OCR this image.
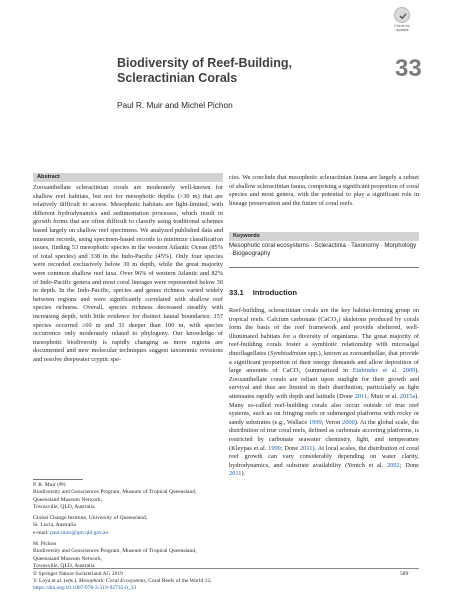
Check for
updates
Biodiversity of Reef-Building,
Scleractinian Corals	33
Paul R. Muir and Michel Pichon
Abstract
Zooxanthellate scleractinian corals are moderately well-known for shallow reef habitats, but not for mesophotic depths (>30 m) that are relatively difficult to access. Mesophotic habitats are light-limited, with different hydrodynamics and sedimentation processes, which result in growth forms that are often difficult to classify using traditional schemes based largely on shallow reef specimens. We analyzed published data and museum records, using specimen-based records to minimize classification issues, finding 53 mesophotic species in the western Atlantic Ocean (85% of total species) and 338 in the Indo-Pacific (45%). Only four species were recorded exclusively below 30 m depth, while the great majority were common shallow reef taxa. Over 96% of western Atlantic and 82% of Indo-Pacific genera and most coral lineages were represented below 30 m depth. In the Indo-Pacific, species and genus richness varied widely between regions and were significantly correlated with shallow reef species richness. Overall, species richness decreased steadily with increasing depth, with little evidence for distinct faunal boundaries: 157 species occurred ≥60 m and 31 deeper than 100 m, with species occurrence only moderately related to phylogeny. Our knowledge of mesophotic biodiversity is rapidly changing as more regions are documented and new molecular techniques suggest taxonomic revisions and resolve deepwater cryptic spe-
cies. We conclude that mesophotic scleractinian fauna are largely a subset of shallow scleractinian fauna, comprising a significant proportion of coral species and most genera, with the potential to play a significant role in lineage preservation and the future of coral reefs.
Keywords
Mesophotic coral ecosystems · Scleractinia · Taxonomy · Morphology · Biogeography
33.1 Introduction
Reef-building, scleractinian corals are the key habitat-forming group on tropical reefs. Calcium carbonate (CaCO₃) skeletons produced by corals form the basis of the reef framework and provide sheltered, well-illuminated habitats for a diversity of organisms. The great majority of reef-building corals foster a symbiotic relationship with microalgal dinoflagellates (Symbiodinium spp.), known as zooxanthellae, that provide a significant proportion of their energy demands and allow deposition of large amounts of CaCO₃ (summarized in Einbinder et al. 2009). Zooxanthellate corals are reliant upon sunlight for their growth and survival and thus are limited in their distribution, particularly as light attenuates rapidly with depth and latitude (Done 2011; Muir et al. 2015a). Many so-called reef-building corals also occur outside of true reef systems, such as on fringing reefs or submerged platforms with rocky or sandy substrates (e.g., Wallace 1999; Veron 2000). At the global scale, the distribution of true coral reefs, defined as carbonate accreting platforms, is restricted by carbonate seawater chemistry, light, and temperature (Kleypas et al. 1999; Done 2011). At local scales, the distribution of coral reef growth can vary considerably depending on water clarity, hydrodynamics, and substrate availability (Yentch et al. 2002; Done 2011).
P. R. Muir (✉)
Biodiversity and Geosciences Program, Museum of Tropical Queensland, Queensland Museum Network,
Townsville, QLD, Australia
Global Change Institute, University of Queensland,
St. Lucia, Australia
e-mail: paul.muir@qm.qld.gov.au
M. Pichon
Biodiversity and Geosciences Program, Museum of Tropical Queensland, Queensland Museum Network,
Townsville, QLD, Australia
© Springer Nature Switzerland AG 2019
Y. Loya et al. (eds.), Mesophotic Coral Ecosystems, Coral Reefs of the World 12,
https://doi.org/10.1007/978-3-319-92735-0_33
589
